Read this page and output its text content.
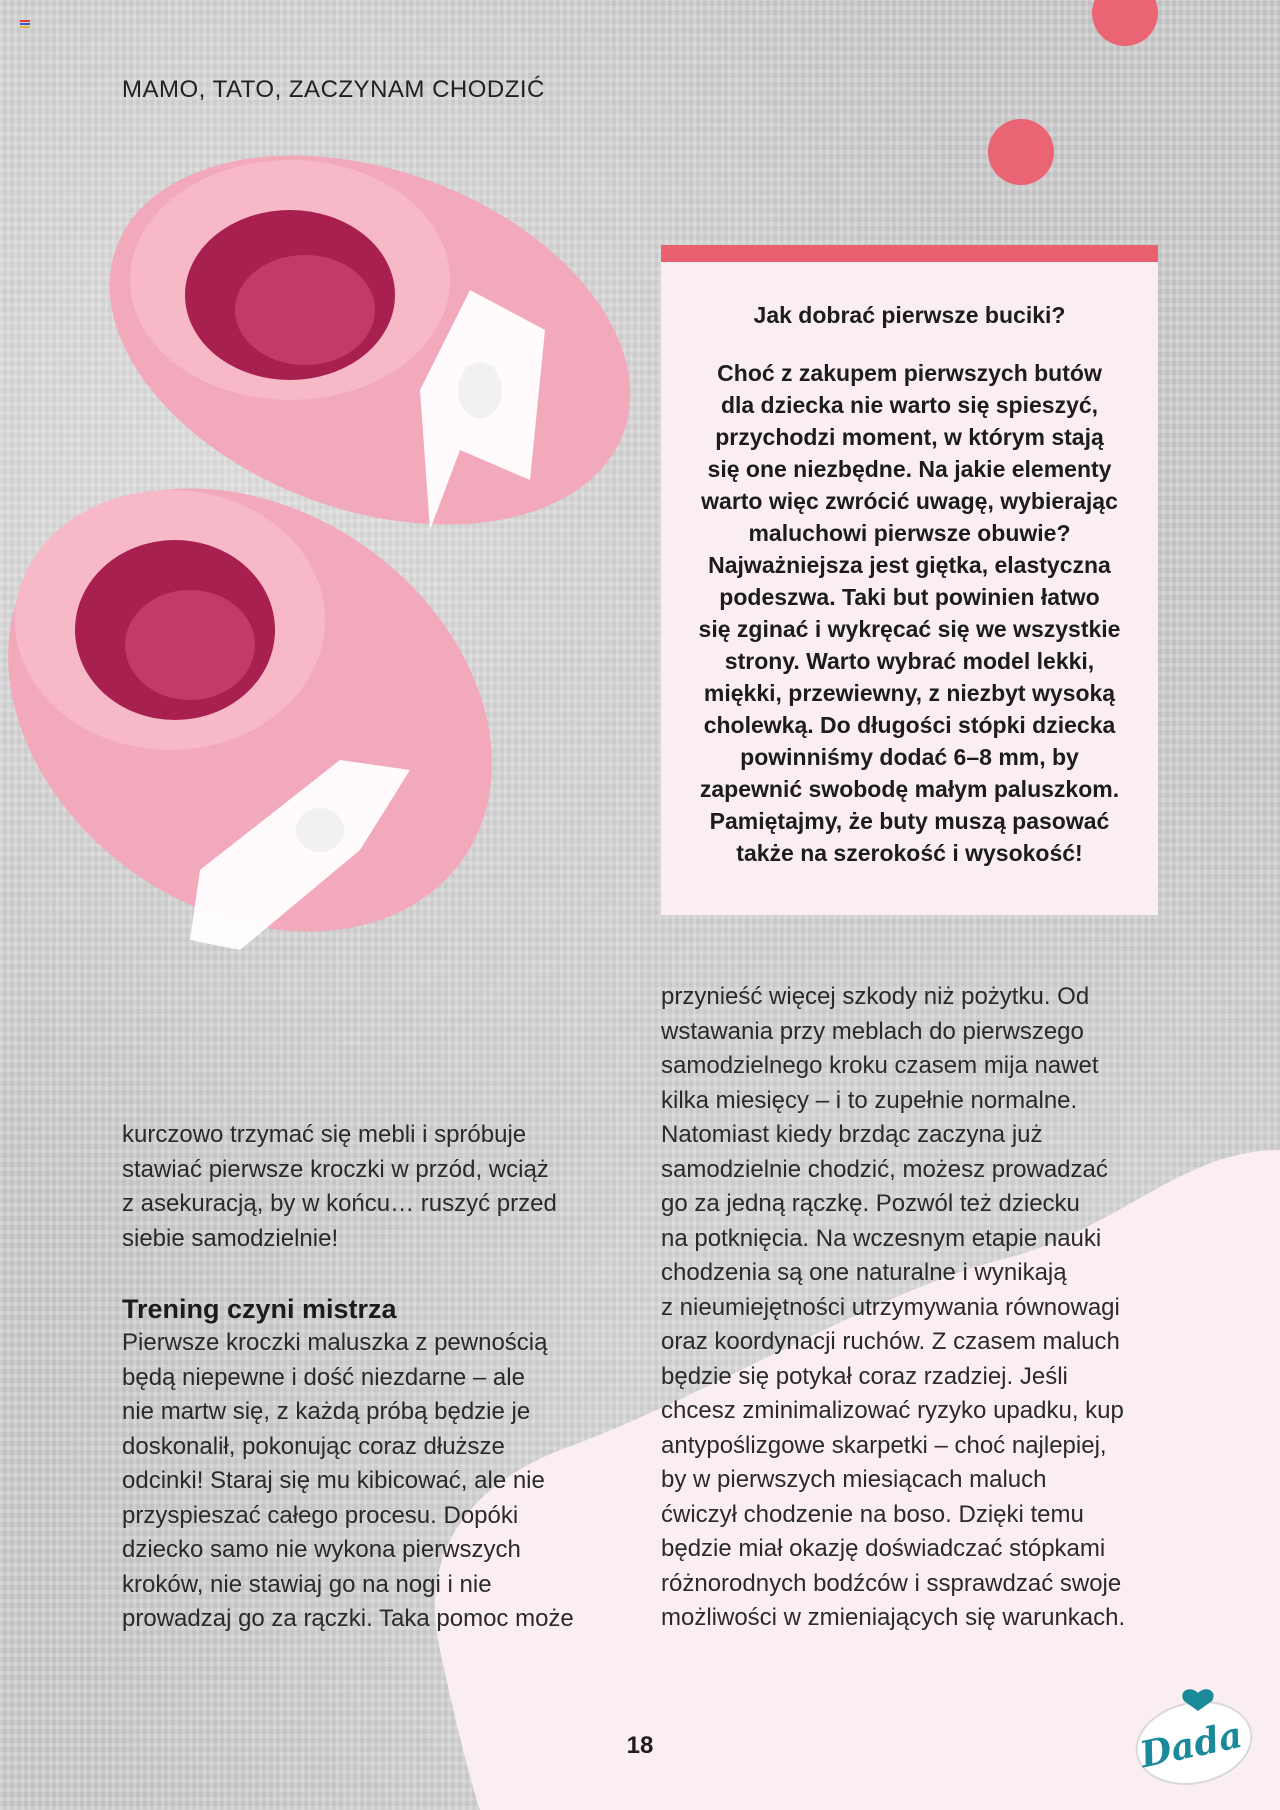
MAMO, TATO, ZACZYNAM CHODZIĆ
Jak dobrać pierwsze buciki?
Choć z zakupem pierwszych butów
dla dziecka nie warto się spieszyć,
przychodzi moment, w którym stają
się one niezbędne. Na jakie elementy
warto więc zwrócić uwagę, wybierając
maluchowi pierwsze obuwie?
Najważniejsza jest giętka, elastyczna
podeszwa. Taki but powinien łatwo
się zginać i wykręcać się we wszystkie
strony. Warto wybrać model lekki,
miękki, przewiewny, z niezbyt wysoką
cholewką. Do długości stópki dziecka
powinniśmy dodać 6–8 mm, by
zapewnić swobodę małym paluszkom.
Pamiętajmy, że buty muszą pasować
także na szerokość i wysokość!

kurczowo trzymać się mebli i spróbuje

stawiać pierwsze kroczki w przód, wciąż

z asekuracją, by w końcu… ruszyć przed

siebie samodzielnie!

Trening czyni mistrza

Pierwsze kroczki maluszka z pewnością

będą niepewne i dość niezdarne – ale

nie martw się, z każdą próbą będzie je

doskonalił, pokonując coraz dłuższe

odcinki! Staraj się mu kibicować, ale nie

przyspieszać całego procesu. Dopóki

dziecko samo nie wykona pierwszych

kroków, nie stawiaj go na nogi i nie

prowadzaj go za rączki. Taka pomoc może

przynieść więcej szkody niż pożytku. Od

wstawania przy meblach do pierwszego

samodzielnego kroku czasem mija nawet

kilka miesięcy – i to zupełnie normalne.

Natomiast kiedy brzdąc zaczyna już

samodzielnie chodzić, możesz prowadzać

go za jedną rączkę. Pozwól też dziecku

na potknięcia. Na wczesnym etapie nauki

chodzenia są one naturalne i wynikają

z nieumiejętności utrzymywania równowagi

oraz koordynacji ruchów. Z czasem maluch

będzie się potykał coraz rzadziej. Jeśli

chcesz zminimalizować ryzyko upadku, kup

antypoślizgowe skarpetki – choć najlepiej,

by w pierwszych miesiącach maluch

ćwiczył chodzenie na boso. Dzięki temu

będzie miał okazję doświadczać stópkami

różnorodnych bodźców i ssprawdzać swoje

możliwości w zmieniających się warunkach.

18	Dada
